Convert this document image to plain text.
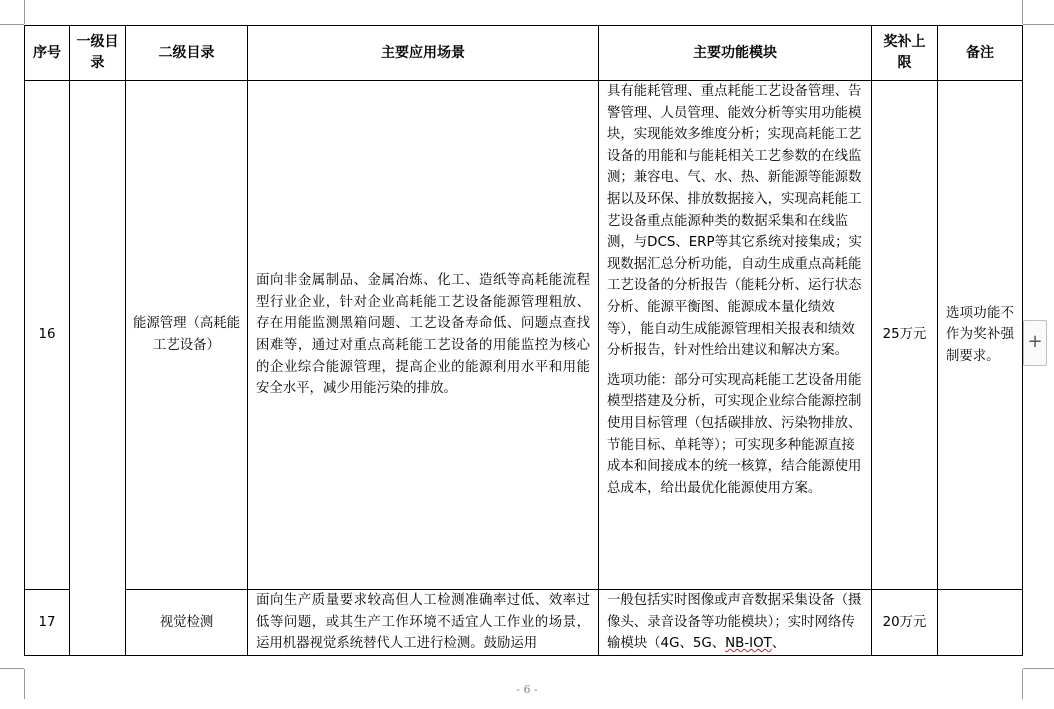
序号	一级目录	二级目录	主要应用场景	主要功能模块	奖补上限	备注
16		能源管理（高耗能工艺设备）	面向非金属制品、金属冶炼、化工、造纸等高耗能流程型行业企业，针对企业高耗能工艺设备能源管理粗放、存在用能监测黑箱问题、工艺设备寿命低、问题点查找困难等，通过对重点高耗能工艺设备的用能监控为核心的企业综合能源管理，提高企业的能源利用水平和用能安全水平，减少用能污染的排放。	具有能耗管理、重点耗能工艺设备管理、告警管理、人员管理、能效分析等实用功能模块，实现能效多维度分析；实现高耗能工艺设备的用能和与能耗相关工艺参数的在线监测；兼容电、气、水、热、新能源等能源数据以及环保、排放数据接入，实现高耗能工艺设备重点能源种类的数据采集和在线监测，与DCS、ERP等其它系统对接集成；实现数据汇总分析功能，自动生成重点高耗能工艺设备的分析报告（能耗分析、运行状态分析、能源平衡图、能源成本量化绩效等），能自动生成能源管理相关报表和绩效分析报告，针对性给出建议和解决方案。

选项功能：部分可实现高耗能工艺设备用能模型搭建及分析，可实现企业综合能源控制使用目标管理（包括碳排放、污染物排放、节能目标、单耗等）；可实现多种能源直接成本和间接成本的统一核算，结合能源使用总成本，给出最优化能源使用方案。	25万元	选项功能不作为奖补强制要求。
17		视觉检测	面向生产质量要求较高但人工检测准确率过低、效率过低等问题，或其生产工作环境不适宜人工作业的场景，运用机器视觉系统替代人工进行检测。鼓励运用	一般包括实时图像或声音数据采集设备（摄像头、录音设备等功能模块）；实时网络传输模块（4G、5G、NB-IOT、	20万元	
+
- 6 -
